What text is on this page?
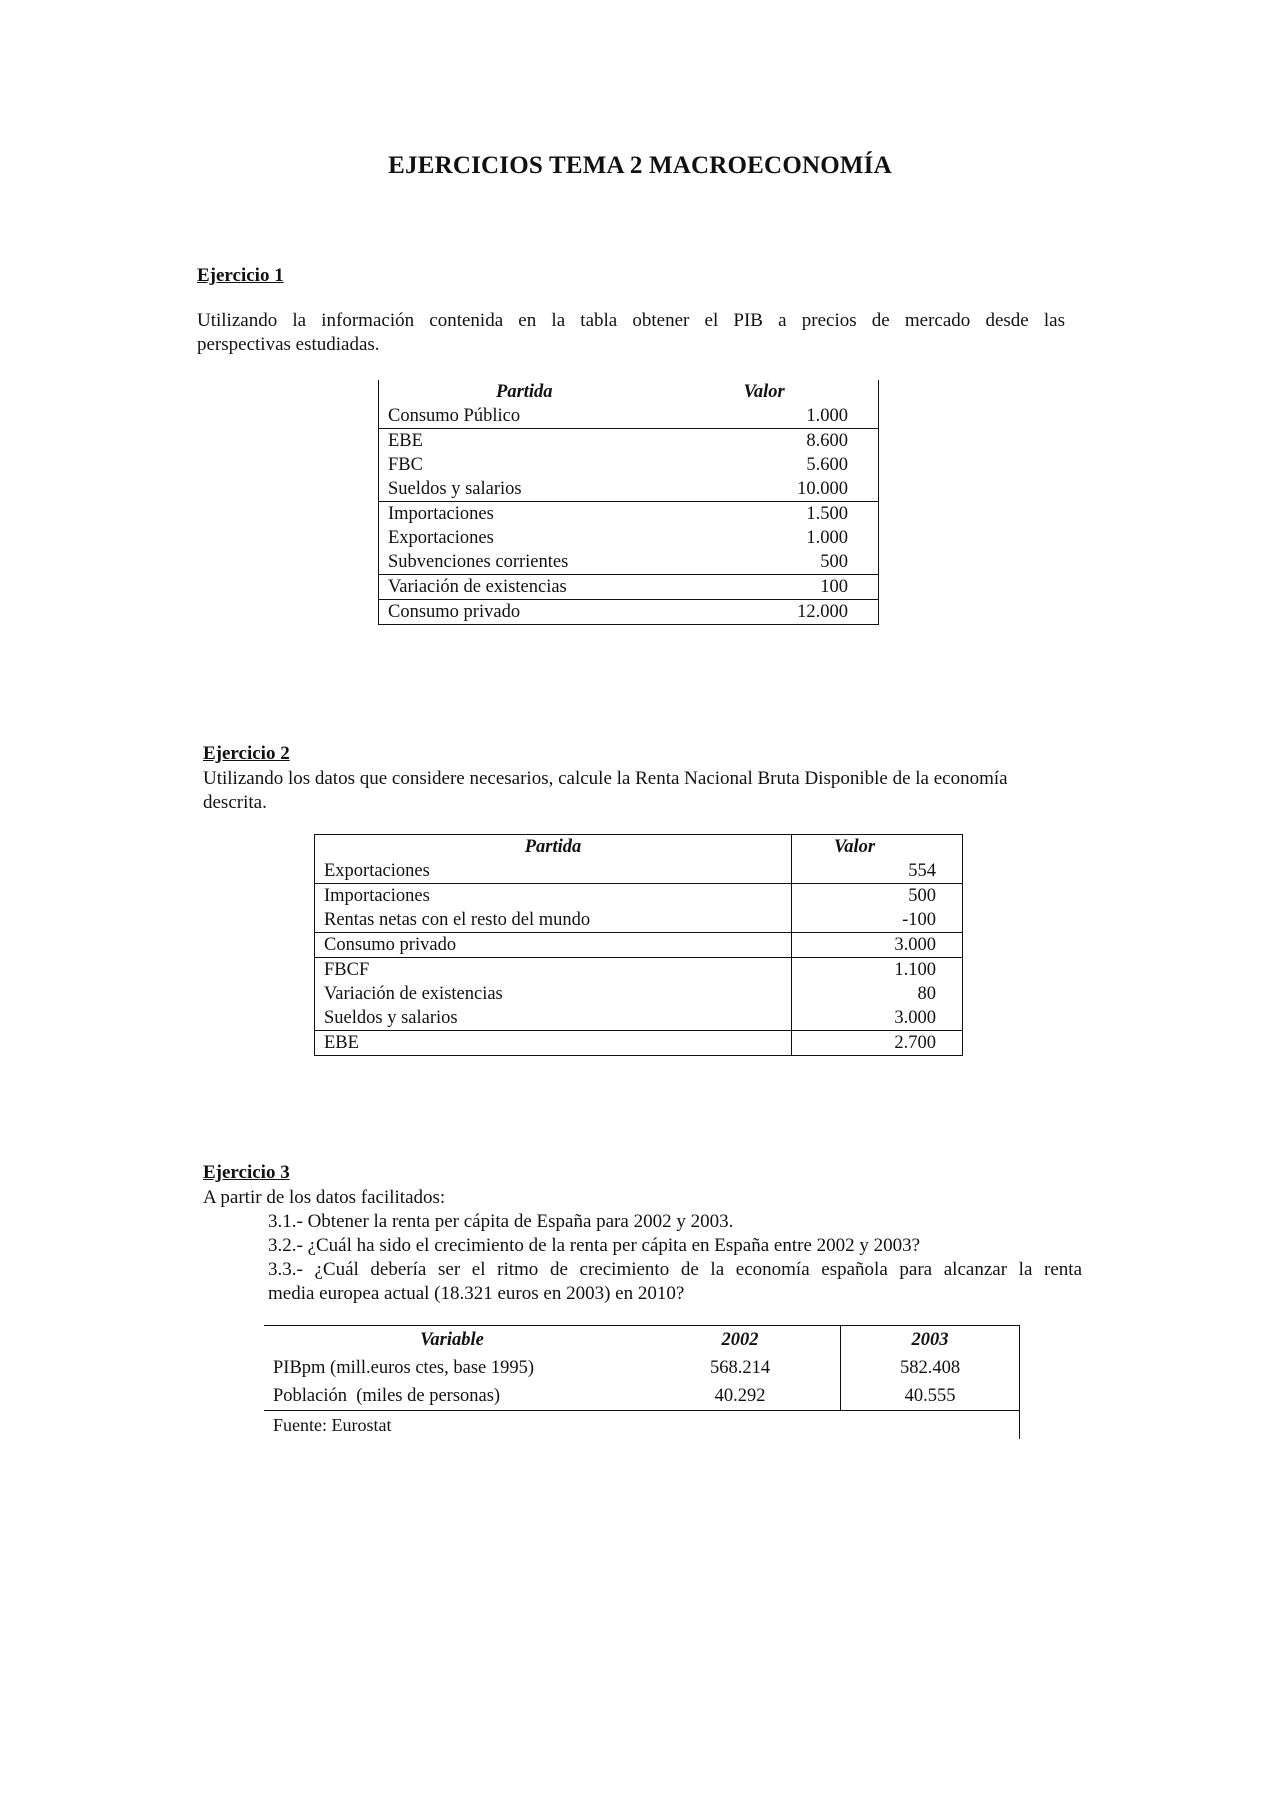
EJERCICIOS TEMA 2 MACROECONOMÍA
Ejercicio 1
Utilizando la información contenida en la tabla obtener el PIB a precios de mercado desde las
perspectivas estudiadas.
Partida	Valor
Consumo Público	1.000
EBE	8.600
FBC	5.600
Sueldos y salarios	10.000
Importaciones	1.500
Exportaciones	1.000
Subvenciones corrientes	500
Variación de existencias	100
Consumo privado	12.000
Ejercicio 2
Utilizando los datos que considere necesarios, calcule la Renta Nacional Bruta Disponible de la economía
descrita.
Partida	Valor
Exportaciones	554
Importaciones	500
Rentas netas con el resto del mundo	-100
Consumo privado	3.000
FBCF	1.100
Variación de existencias	80
Sueldos y salarios	3.000
EBE	2.700
Ejercicio 3
A partir de los datos facilitados:
3.1.- Obtener la renta per cápita de España para 2002 y 2003.
3.2.- ¿Cuál ha sido el crecimiento de la renta per cápita en España entre 2002 y 2003?
3.3.- ¿Cuál debería ser el ritmo de crecimiento de la economía española para alcanzar la renta
media europea actual (18.321 euros en 2003) en 2010?
Variable	2002	2003
PIBpm (mill.euros ctes, base 1995)	568.214	582.408
Población  (miles de personas)	40.292	40.555
Fuente: Eurostat		
